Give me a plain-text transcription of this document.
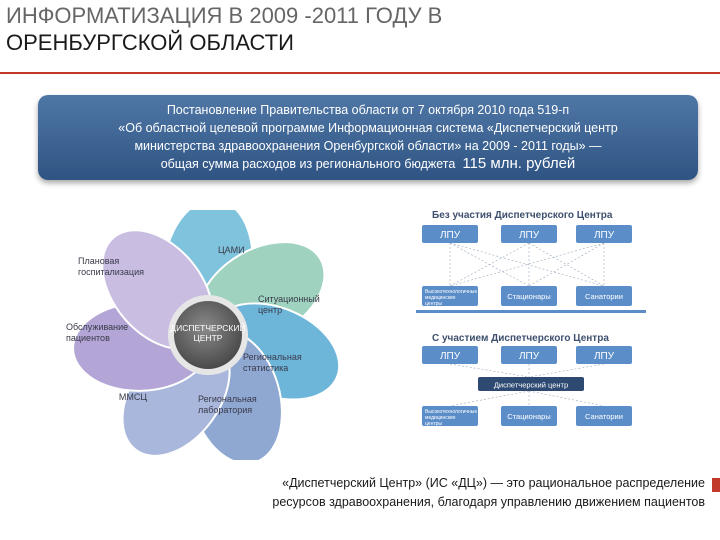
ИНФОРМАТИЗАЦИЯ В 2009 -2011 ГОДУ В
ОРЕНБУРГСКОЙ ОБЛАСТИ
Постановление Правительства области от 7 октября 2010 года 519-п
«Об областной целевой программе Информационная система «Диспетчерский центр
министерства здравоохранения Оренбургской области» на 2009 - 2011 годы» —
общая сумма расходов из регионального бюджета 115 млн. рублей
ДИСПЕТЧЕРСКИЙ
ЦЕНТР
ЦАМИ
Ситуационный
центр
Региональная
статистика
Региональная
лаборатория
ММСЦ
Обслуживание
пациентов
Плановая
госпитализация
Без участия Диспетчерского Центра
ЛПУ	ЛПУ	ЛПУ
Высокотехнологичные
медицинские
центры
Стационары	Санатории
С участием Диспетчерского Центра
ЛПУ	ЛПУ	ЛПУ
Диспетчерский центр
Высокотехнологичные
медицинские
центры
Стационары	Санатории
«Диспетчерский Центр» (ИС «ДЦ») — это рациональное распределение
ресурсов здравоохранения, благодаря управлению движением пациентов
